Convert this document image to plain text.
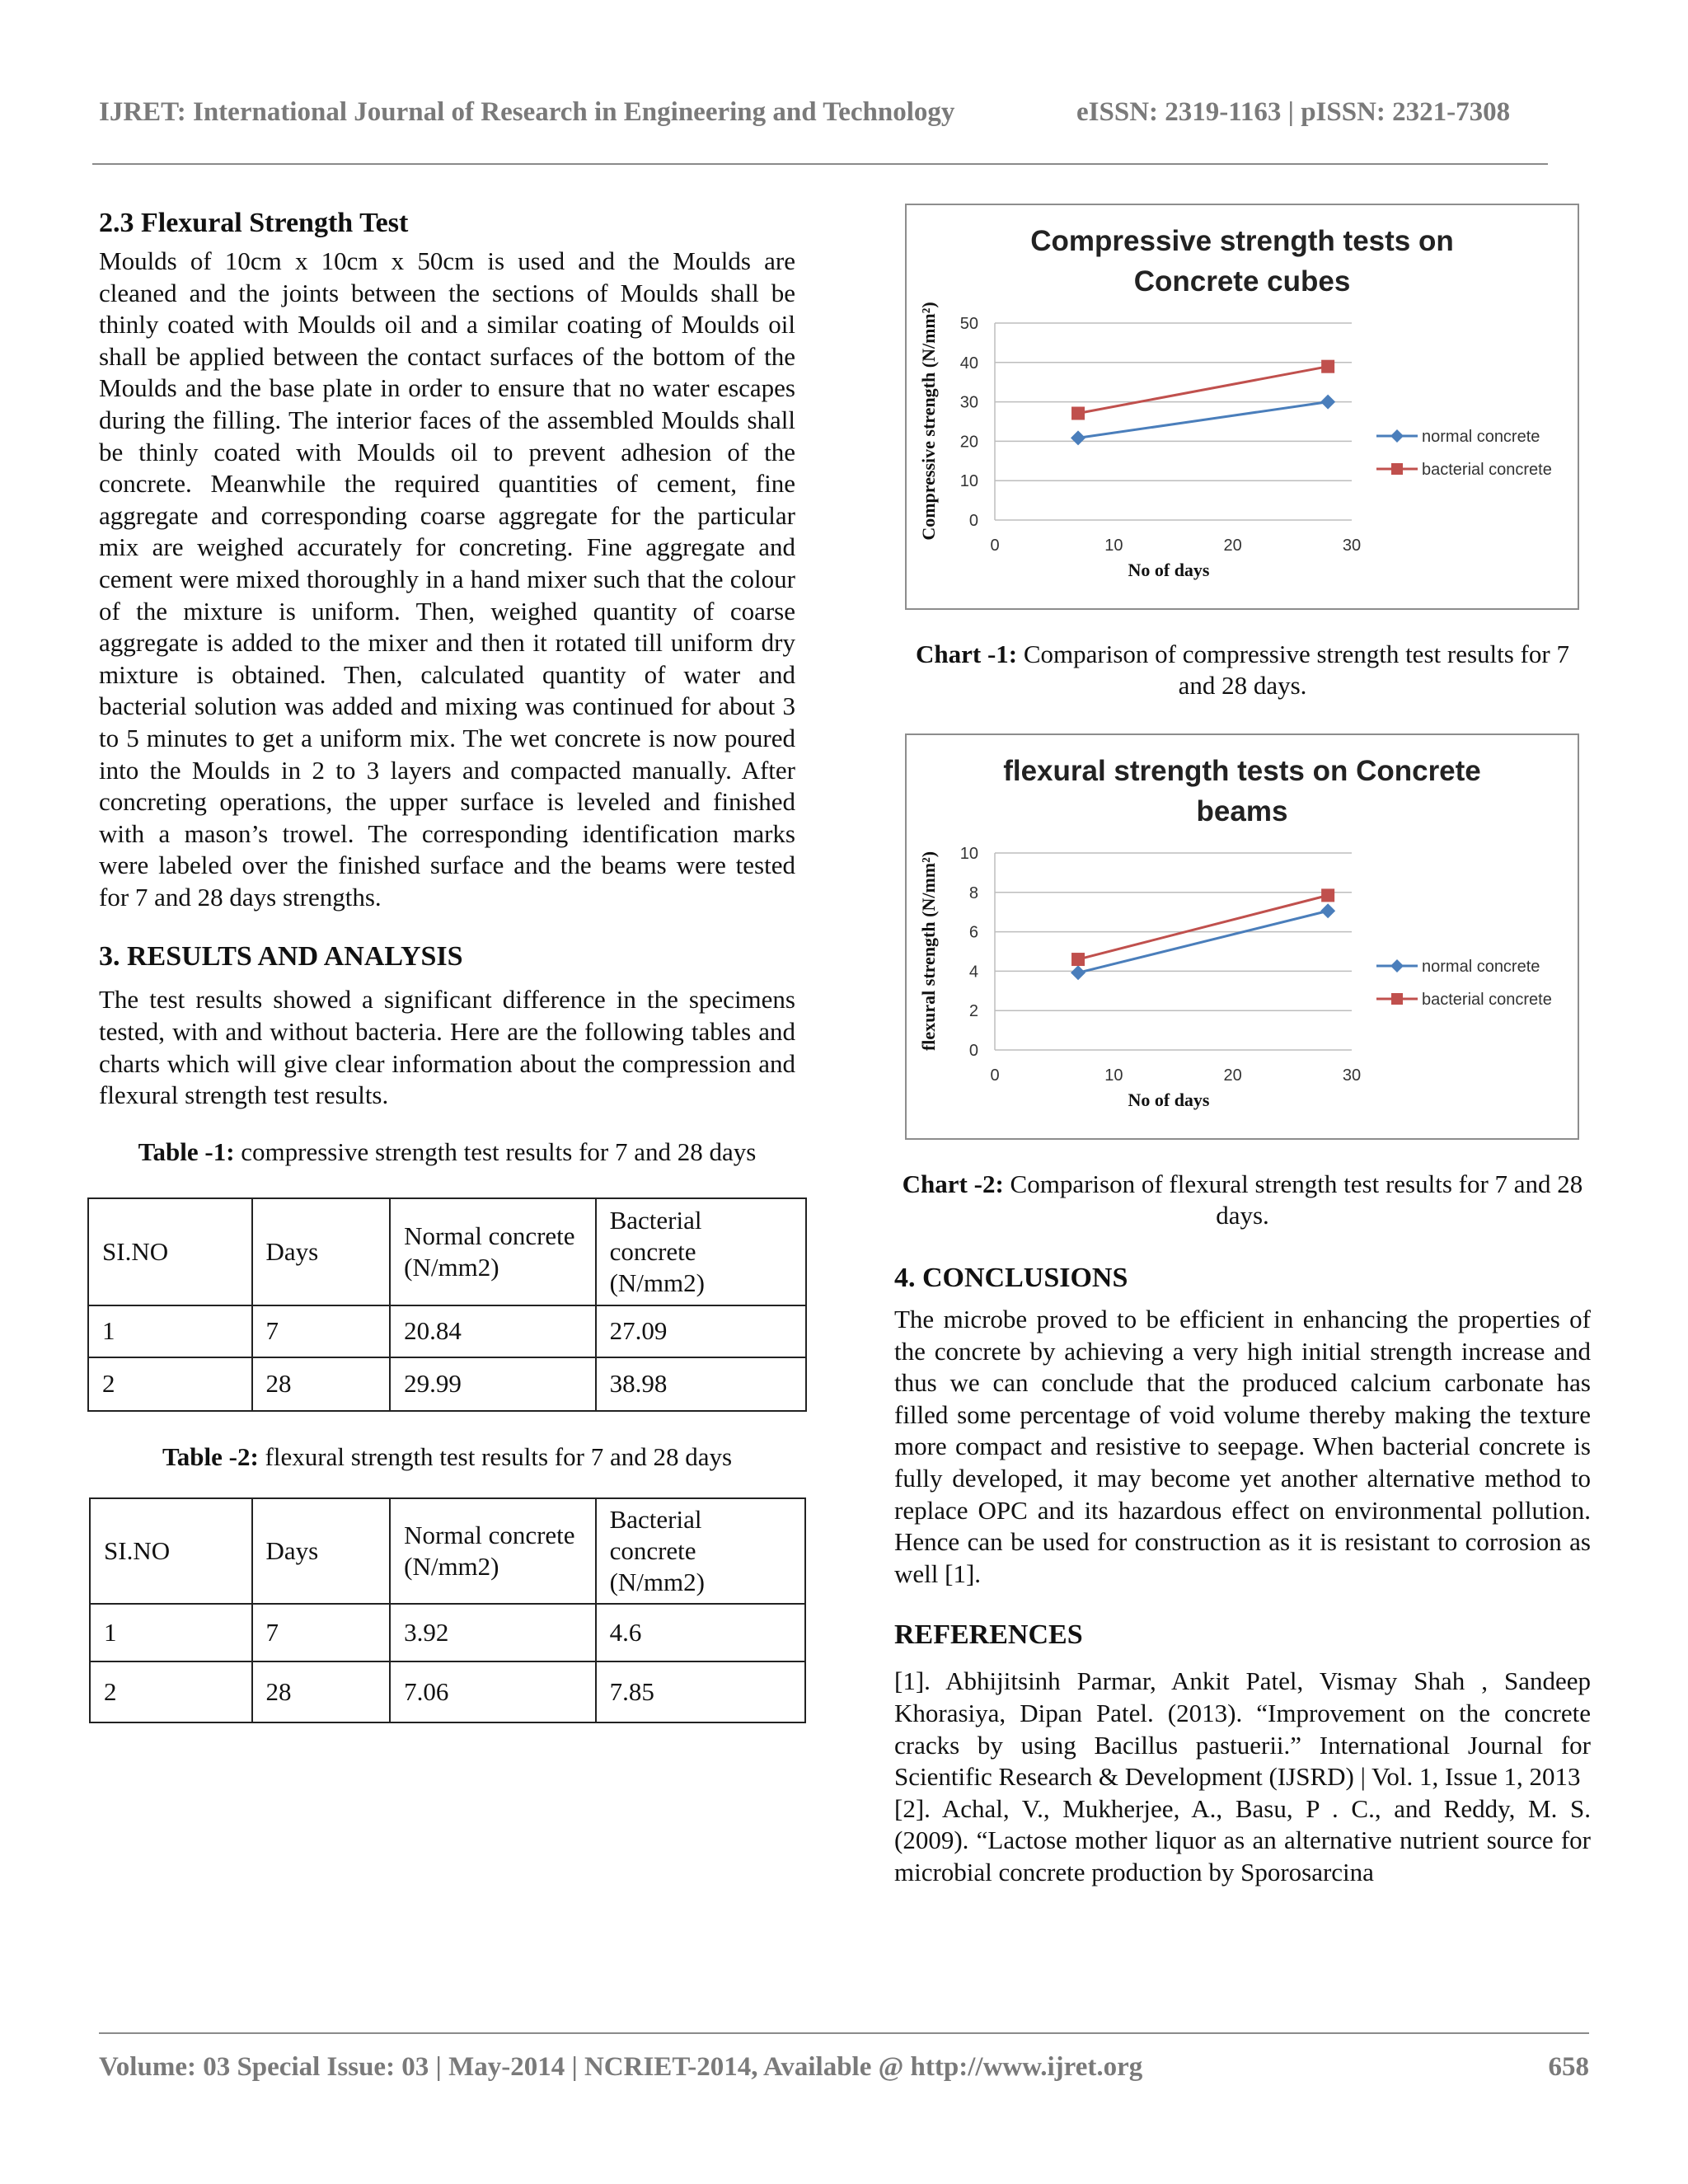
IJRET: International Journal of Research in Engineering and Technology	eISSN: 2319-1163 | pISSN: 2321-7308
2.3 Flexural Strength Test

Moulds of 10cm x 10cm x 50cm is used and the Moulds are cleaned and the joints between the sections of Moulds shall be thinly coated with Moulds oil and a similar coating of Moulds oil shall be applied between the contact surfaces of the bottom of the Moulds and the base plate in order to ensure that no water escapes during the filling. The interior faces of the assembled Moulds shall be thinly coated with Moulds oil to prevent adhesion of the concrete. Meanwhile the required quantities of cement, fine aggregate and corresponding coarse aggregate for the particular mix are weighed accurately for concreting. Fine aggregate and cement were mixed thoroughly in a hand mixer such that the colour of the mixture is uniform. Then, weighed quantity of coarse aggregate is added to the mixer and then it rotated till uniform dry mixture is obtained. Then, calculated quantity of water and bacterial solution was added and mixing was continued for about 3 to 5 minutes to get a uniform mix. The wet concrete is now poured into the Moulds in 2 to 3 layers and compacted manually. After concreting operations, the upper surface is leveled and finished with a mason’s trowel. The corresponding identification marks were labeled over the finished surface and the beams were tested for 7 and 28 days strengths.

3. RESULTS AND ANALYSIS

The test results showed a significant difference in the specimens tested, with and without bacteria. Here are the following tables and charts which will give clear information about the compression and flexural strength test results.

Table -1: compressive strength test results for 7 and 28 days
SI.NO	Days	Normal concrete (N/mm2)	Bacterial concrete (N/mm2)
1	7	20.84	27.09
2	28	29.99	38.98
Table -2: flexural strength test results for 7 and 28 days
SI.NO	Days	Normal concrete (N/mm2)	Bacterial concrete (N/mm2)
1	7	3.92	4.6
2	28	7.06	7.85
Compressive strength tests on
Concrete cubes
Compressive strength (N/mm²)
No of days
0
10
20
30
40
50
0	10	20	30
normal concrete
bacterial concrete
Chart -1: Comparison of compressive strength test results for 7 and 28 days.
flexural strength tests on Concrete
beams
flexural strength (N/mm²)
No of days
0
2
4
6
8
10
0	10	20	30
normal concrete
bacterial concrete
Chart -2: Comparison of flexural strength test results for 7 and 28 days.
4. CONCLUSIONS

The microbe proved to be efficient in enhancing the properties of the concrete by achieving a very high initial strength increase and thus we can conclude that the produced calcium carbonate has filled some percentage of void volume thereby making the texture more compact and resistive to seepage. When bacterial concrete is fully developed, it may become yet another alternative method to replace OPC and its hazardous effect on environmental pollution. Hence can be used for construction as it is resistant to corrosion as well [1].

REFERENCES

[1]. Abhijitsinh Parmar, Ankit Patel, Vismay Shah , Sandeep Khorasiya, Dipan Patel. (2013). “Improvement on the concrete cracks by using Bacillus pastuerii.” International Journal for Scientific Research & Development (IJSRD) | Vol. 1, Issue 1, 2013

[2]. Achal, V., Mukherjee, A., Basu, P . C., and Reddy, M. S. (2009). “Lactose mother liquor as an alternative nutrient source for microbial concrete production by Sporosarcina

Volume: 03 Special Issue: 03 | May-2014 | NCRIET-2014, Available @ http://www.ijret.org	658
